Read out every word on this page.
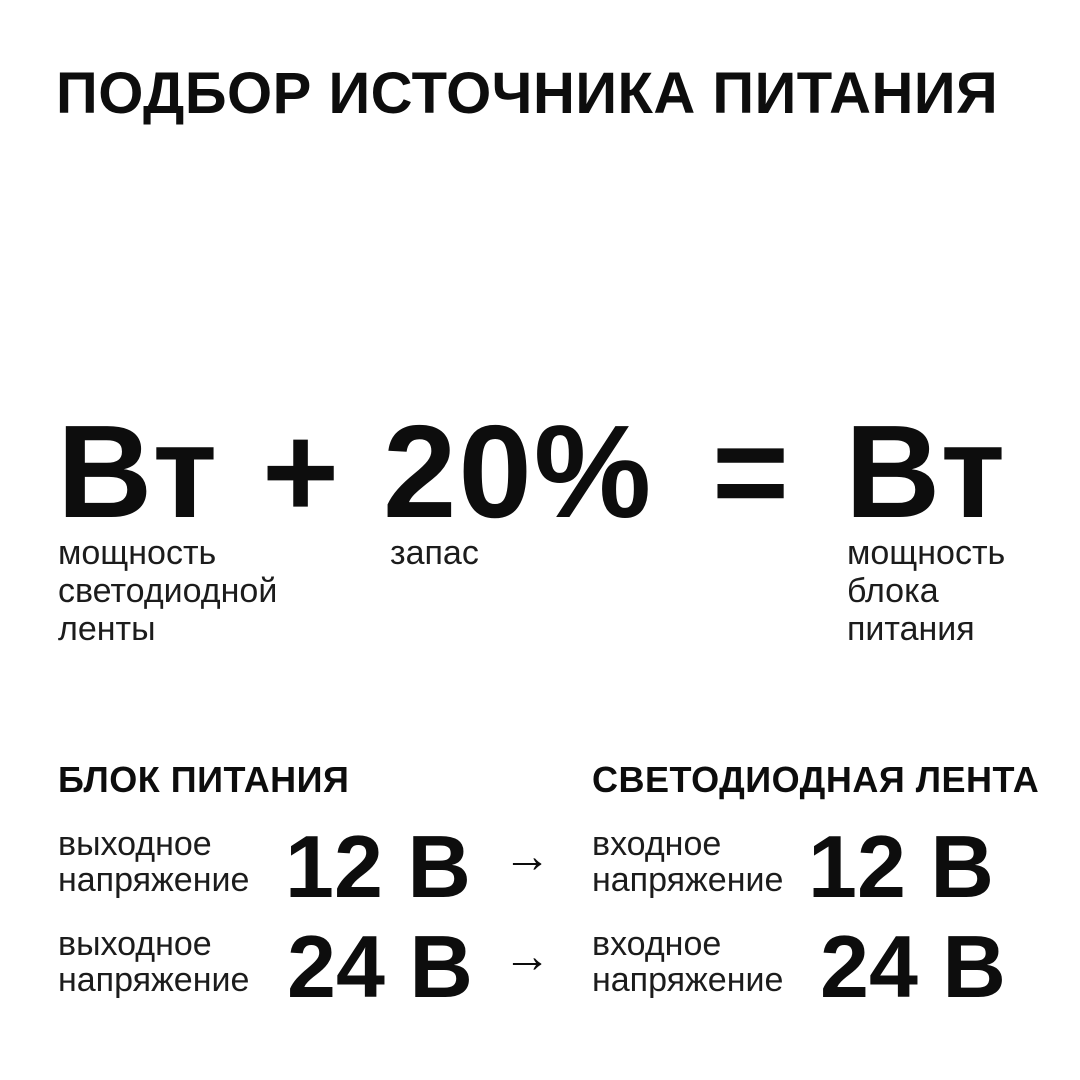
ПОДБОР ИСТОЧНИКА ПИТАНИЯ
Вт + 20% = Вт
мощность светодиодной ленты
запас	мощность блока питания
БЛОК ПИТАНИЯ	СВЕТОДИОДНАЯ ЛЕНТА
выходное напряжение 12 В → входное напряжение 12 В
выходное напряжение 24 В → входное напряжение 24 В
